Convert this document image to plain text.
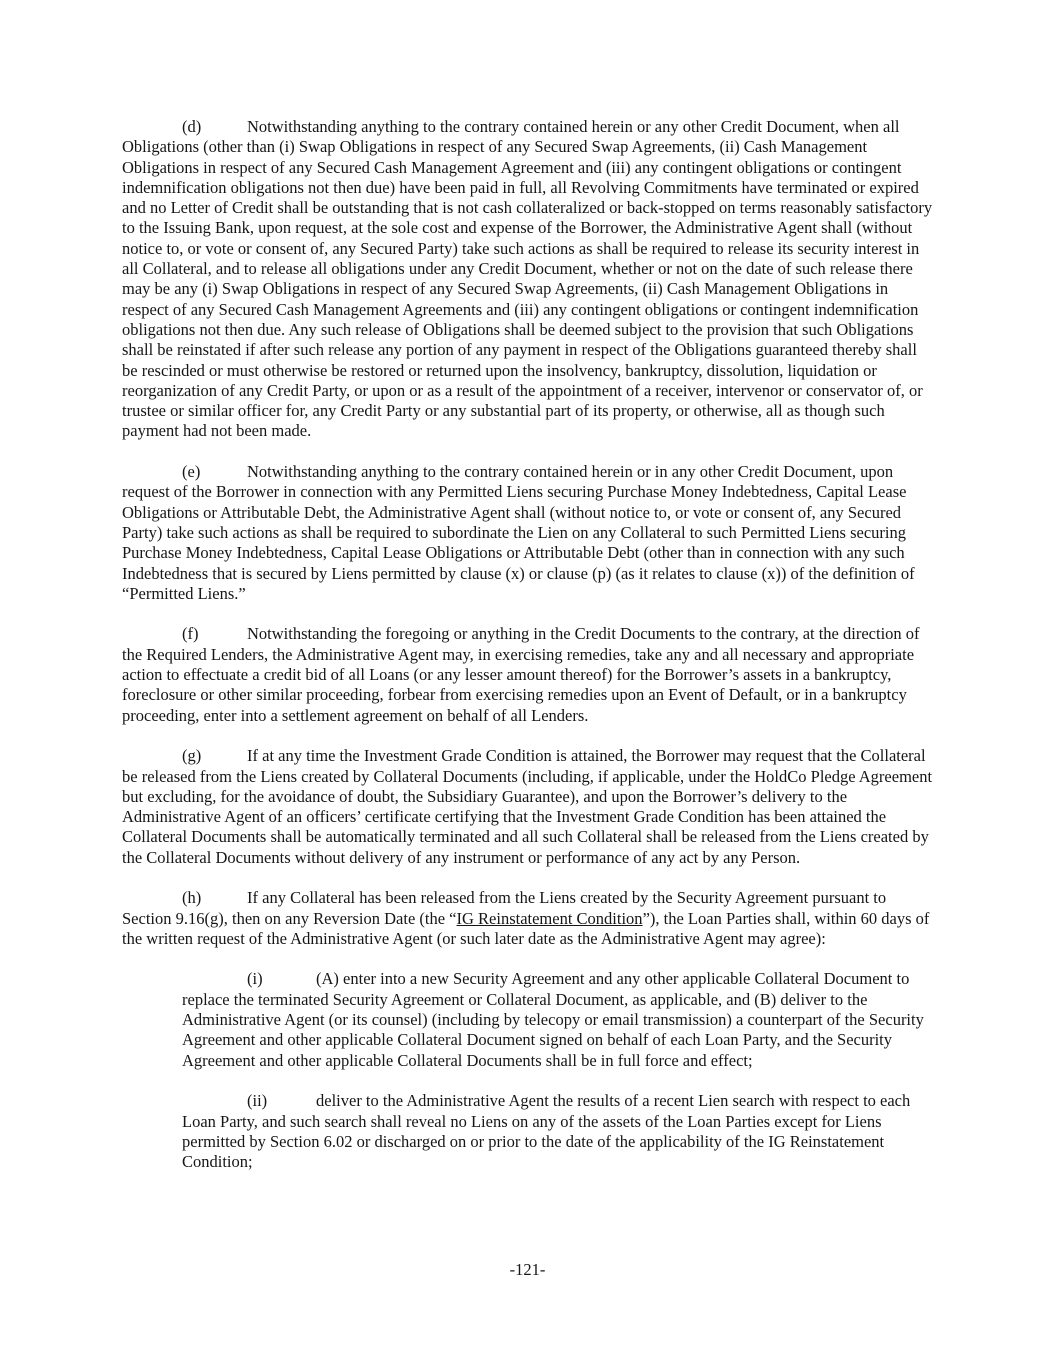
(d)	Notwithstanding anything to the contrary contained herein or any other Credit Document, when all Obligations (other than (i) Swap Obligations in respect of any Secured Swap Agreements, (ii) Cash Management Obligations in respect of any Secured Cash Management Agreement and (iii) any contingent obligations or contingent indemnification obligations not then due) have been paid in full, all Revolving Commitments have terminated or expired and no Letter of Credit shall be outstanding that is not cash collateralized or back-stopped on terms reasonably satisfactory to the Issuing Bank, upon request, at the sole cost and expense of the Borrower, the Administrative Agent shall (without notice to, or vote or consent of, any Secured Party) take such actions as shall be required to release its security interest in all Collateral, and to release all obligations under any Credit Document, whether or not on the date of such release there may be any (i) Swap Obligations in respect of any Secured Swap Agreements, (ii) Cash Management Obligations in respect of any Secured Cash Management Agreements and (iii) any contingent obligations or contingent indemnification obligations not then due. Any such release of Obligations shall be deemed subject to the provision that such Obligations shall be reinstated if after such release any portion of any payment in respect of the Obligations guaranteed thereby shall be rescinded or must otherwise be restored or returned upon the insolvency, bankruptcy, dissolution, liquidation or reorganization of any Credit Party, or upon or as a result of the appointment of a receiver, intervenor or conservator of, or trustee or similar officer for, any Credit Party or any substantial part of its property, or otherwise, all as though such payment had not been made.
(e)	Notwithstanding anything to the contrary contained herein or in any other Credit Document, upon request of the Borrower in connection with any Permitted Liens securing Purchase Money Indebtedness, Capital Lease Obligations or Attributable Debt, the Administrative Agent shall (without notice to, or vote or consent of, any Secured Party) take such actions as shall be required to subordinate the Lien on any Collateral to such Permitted Liens securing Purchase Money Indebtedness, Capital Lease Obligations or Attributable Debt (other than in connection with any such Indebtedness that is secured by Liens permitted by clause (x) or clause (p) (as it relates to clause (x)) of the definition of “Permitted Liens.”
(f)	Notwithstanding the foregoing or anything in the Credit Documents to the contrary, at the direction of the Required Lenders, the Administrative Agent may, in exercising remedies, take any and all necessary and appropriate action to effectuate a credit bid of all Loans (or any lesser amount thereof) for the Borrower’s assets in a bankruptcy, foreclosure or other similar proceeding, forbear from exercising remedies upon an Event of Default, or in a bankruptcy proceeding, enter into a settlement agreement on behalf of all Lenders.
(g)	If at any time the Investment Grade Condition is attained, the Borrower may request that the Collateral be released from the Liens created by Collateral Documents (including, if applicable, under the HoldCo Pledge Agreement but excluding, for the avoidance of doubt, the Subsidiary Guarantee), and upon the Borrower’s delivery to the Administrative Agent of an officers’ certificate certifying that the Investment Grade Condition has been attained the Collateral Documents shall be automatically terminated and all such Collateral shall be released from the Liens created by the Collateral Documents without delivery of any instrument or performance of any act by any Person.
(h)	If any Collateral has been released from the Liens created by the Security Agreement pursuant to Section 9.16(g), then on any Reversion Date (the “IG Reinstatement Condition”), the Loan Parties shall, within 60 days of the written request of the Administrative Agent (or such later date as the Administrative Agent may agree):
(i)	(A) enter into a new Security Agreement and any other applicable Collateral Document to replace the terminated Security Agreement or Collateral Document, as applicable, and (B) deliver to the Administrative Agent (or its counsel) (including by telecopy or email transmission) a counterpart of the Security Agreement and other applicable Collateral Document signed on behalf of each Loan Party, and the Security Agreement and other applicable Collateral Documents shall be in full force and effect;
(ii)	deliver to the Administrative Agent the results of a recent Lien search with respect to each Loan Party, and such search shall reveal no Liens on any of the assets of the Loan Parties except for Liens permitted by Section 6.02 or discharged on or prior to the date of the applicability of the IG Reinstatement Condition;
-121-
